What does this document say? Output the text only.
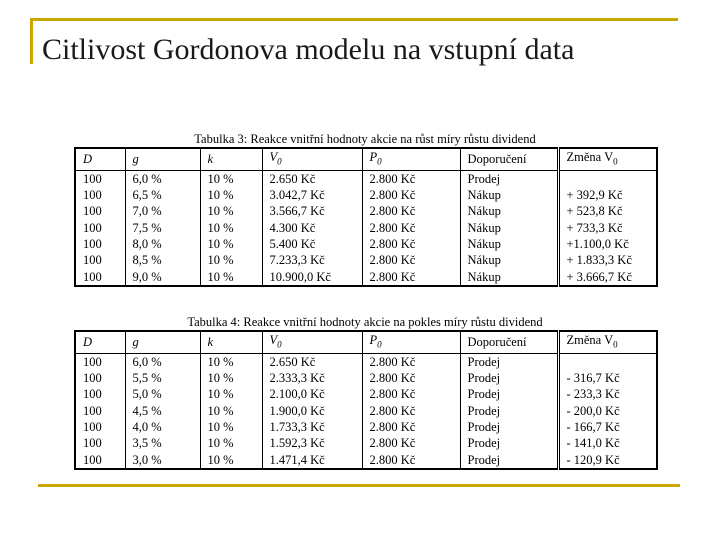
Citlivost Gordonova modelu na vstupní data
Tabulka 3: Reakce vnitřní hodnoty akcie na růst míry růstu dividend
D	g	k	$V_0$	$P_0$	Doporučení	Změna $V_0$
100	6,0 %	10 %	2.650 Kč	2.800 Kč	Prodej	
100	6,5 %	10 %	3.042,7 Kč	2.800 Kč	Nákup	+ 392,9 Kč
100	7,0 %	10 %	3.566,7 Kč	2.800 Kč	Nákup	+ 523,8 Kč
100	7,5 %	10 %	4.300 Kč	2.800 Kč	Nákup	+ 733,3 Kč
100	8,0 %	10 %	5.400 Kč	2.800 Kč	Nákup	+1.100,0 Kč
100	8,5 %	10 %	7.233,3 Kč	2.800 Kč	Nákup	+ 1.833,3 Kč
100	9,0 %	10 %	10.900,0 Kč	2.800 Kč	Nákup	+ 3.666,7 Kč
Tabulka 4: Reakce vnitřní hodnoty akcie na pokles míry růstu dividend
D	g	k	$V_0$	$P_0$	Doporučení	Změna $V_0$
100	6,0 %	10 %	2.650 Kč	2.800 Kč	Prodej	
100	5,5 %	10 %	2.333,3 Kč	2.800 Kč	Prodej	- 316,7 Kč
100	5,0 %	10 %	2.100,0 Kč	2.800 Kč	Prodej	- 233,3 Kč
100	4,5 %	10 %	1.900,0 Kč	2.800 Kč	Prodej	- 200,0 Kč
100	4,0 %	10 %	1.733,3 Kč	2.800 Kč	Prodej	- 166,7 Kč
100	3,5 %	10 %	1.592,3 Kč	2.800 Kč	Prodej	- 141,0 Kč
100	3,0 %	10 %	1.471,4 Kč	2.800 Kč	Prodej	- 120,9 Kč
